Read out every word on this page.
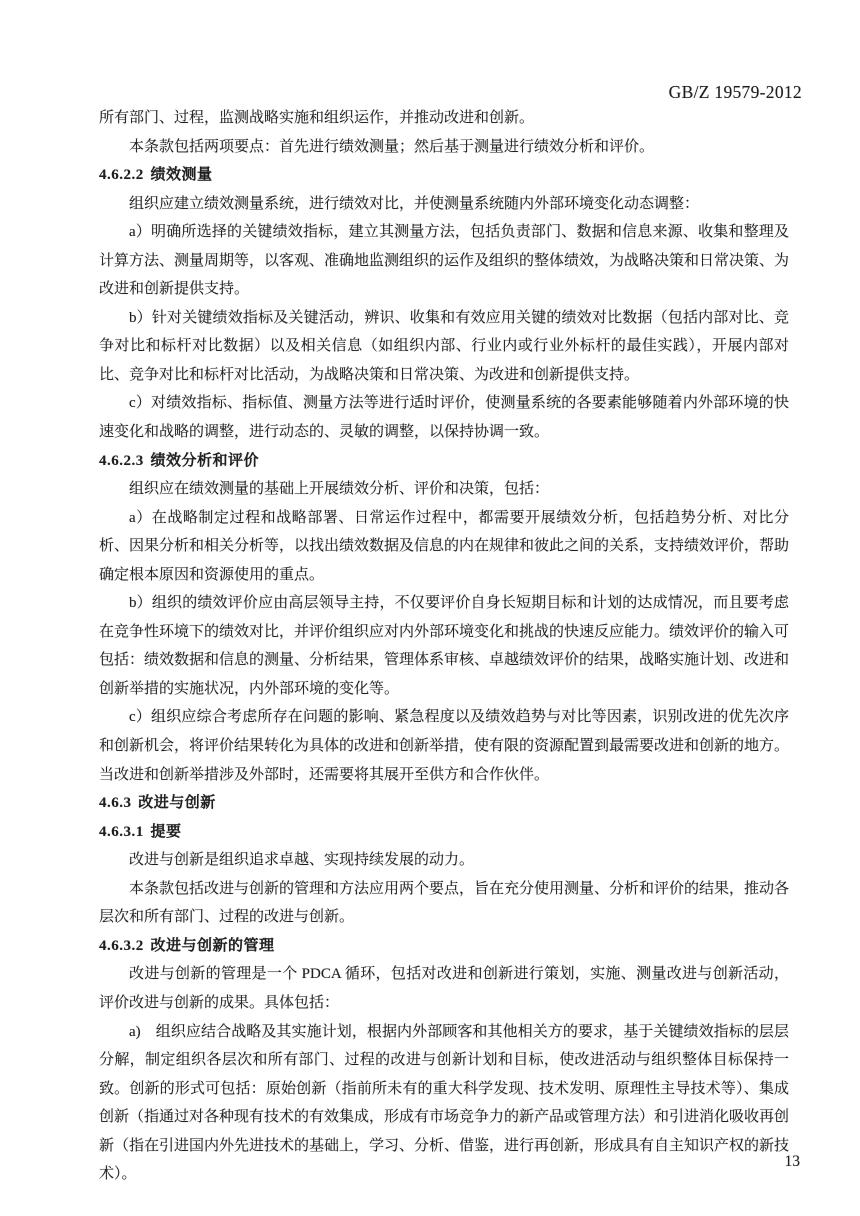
GB/Z 19579-2012

所有部门、过程，监测战略实施和组织运作，并推动改进和创新。

本条款包括两项要点：首先进行绩效测量；然后基于测量进行绩效分析和评价。

4.6.2.2 绩效测量

组织应建立绩效测量系统，进行绩效对比，并使测量系统随内外部环境变化动态调整：

a）明确所选择的关键绩效指标，建立其测量方法，包括负责部门、数据和信息来源、收集和整理及计算方法、测量周期等，以客观、准确地监测组织的运作及组织的整体绩效，为战略决策和日常决策、为改进和创新提供支持。

b）针对关键绩效指标及关键活动，辨识、收集和有效应用关键的绩效对比数据（包括内部对比、竞争对比和标杆对比数据）以及相关信息（如组织内部、行业内或行业外标杆的最佳实践），开展内部对比、竞争对比和标杆对比活动，为战略决策和日常决策、为改进和创新提供支持。

c）对绩效指标、指标值、测量方法等进行适时评价，使测量系统的各要素能够随着内外部环境的快速变化和战略的调整，进行动态的、灵敏的调整，以保持协调一致。

4.6.2.3 绩效分析和评价

组织应在绩效测量的基础上开展绩效分析、评价和决策，包括：

a）在战略制定过程和战略部署、日常运作过程中，都需要开展绩效分析，包括趋势分析、对比分析、因果分析和相关分析等，以找出绩效数据及信息的内在规律和彼此之间的关系，支持绩效评价，帮助确定根本原因和资源使用的重点。

b）组织的绩效评价应由高层领导主持，不仅要评价自身长短期目标和计划的达成情况，而且要考虑在竞争性环境下的绩效对比，并评价组织应对内外部环境变化和挑战的快速反应能力。绩效评价的输入可包括：绩效数据和信息的测量、分析结果，管理体系审核、卓越绩效评价的结果，战略实施计划、改进和创新举措的实施状况，内外部环境的变化等。

c）组织应综合考虑所存在问题的影响、紧急程度以及绩效趋势与对比等因素，识别改进的优先次序和创新机会，将评价结果转化为具体的改进和创新举措，使有限的资源配置到最需要改进和创新的地方。当改进和创新举措涉及外部时，还需要将其展开至供方和合作伙伴。

4.6.3 改进与创新

4.6.3.1 提要

改进与创新是组织追求卓越、实现持续发展的动力。

本条款包括改进与创新的管理和方法应用两个要点，旨在充分使用测量、分析和评价的结果，推动各层次和所有部门、过程的改进与创新。

4.6.3.2 改进与创新的管理

改进与创新的管理是一个 PDCA 循环，包括对改进和创新进行策划，实施、测量改进与创新活动，评价改进与创新的成果。具体包括：

a)　组织应结合战略及其实施计划，根据内外部顾客和其他相关方的要求，基于关键绩效指标的层层分解，制定组织各层次和所有部门、过程的改进与创新计划和目标，使改进活动与组织整体目标保持一致。创新的形式可包括：原始创新（指前所未有的重大科学发现、技术发明、原理性主导技术等）、集成创新（指通过对各种现有技术的有效集成，形成有市场竞争力的新产品或管理方法）和引进消化吸收再创新（指在引进国内外先进技术的基础上，学习、分析、借鉴，进行再创新，形成具有自主知识产权的新技术）。

13
